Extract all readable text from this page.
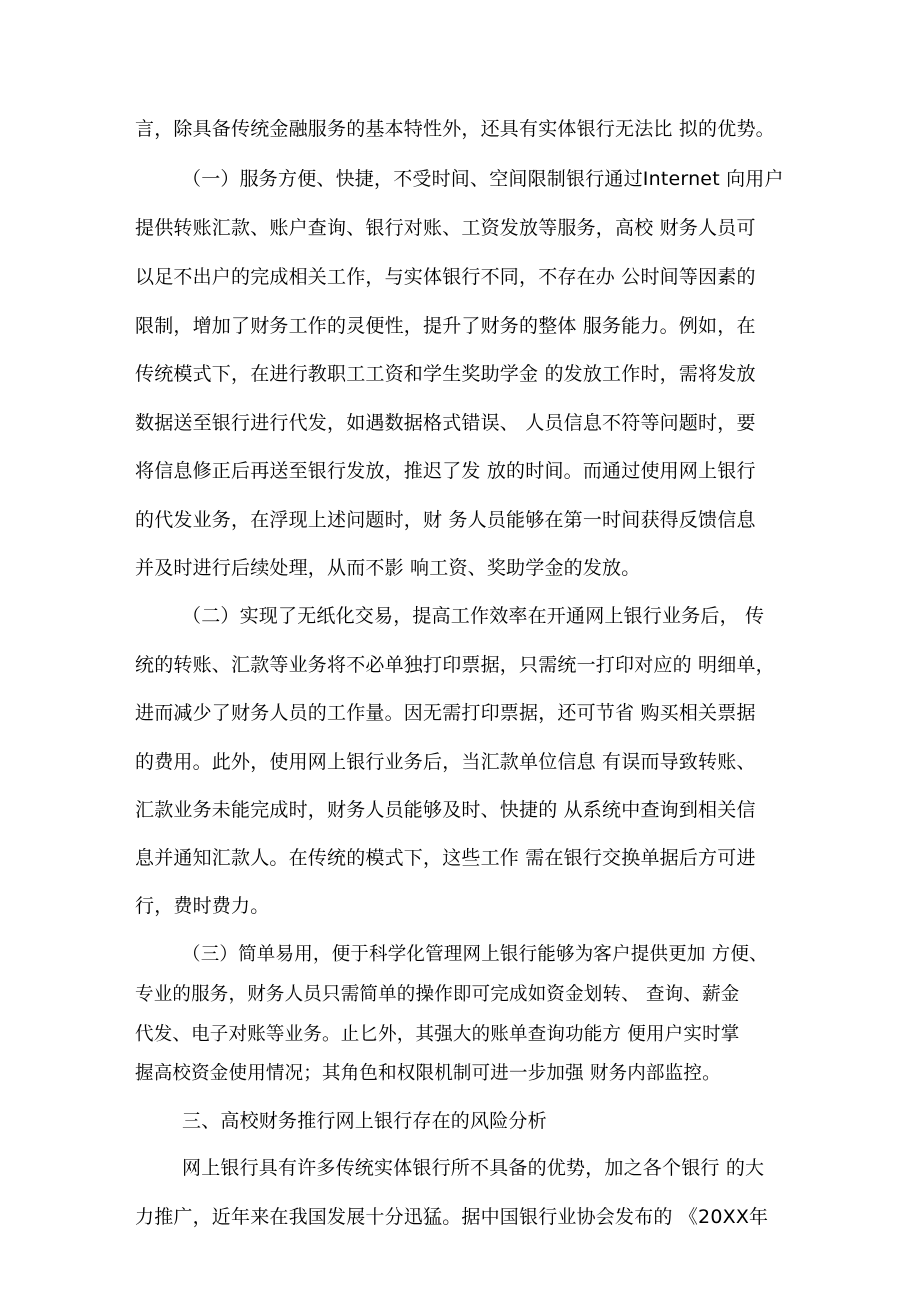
言，除具备传统金融服务的基本特性外，还具有实体银行无法比 拟的优势。
（一）服务方便、快捷，不受时间、空间限制银行通过Internet 向用户
提供转账汇款、账户查询、银行对账、工资发放等服务，高校 财务人员可
以足不出户的完成相关工作，与实体银行不同，不存在办 公时间等因素的
限制，增加了财务工作的灵便性，提升了财务的整体 服务能力。例如，在
传统模式下，在进行教职工工资和学生奖助学金 的发放工作时，需将发放
数据送至银行进行代发，如遇数据格式错误、 人员信息不符等问题时，要
将信息修正后再送至银行发放，推迟了发 放的时间。而通过使用网上银行
的代发业务，在浮现上述问题时，财 务人员能够在第一时间获得反馈信息
并及时进行后续处理，从而不影 响工资、奖助学金的发放。
（二）实现了无纸化交易，提高工作效率在开通网上银行业务后， 传
统的转账、汇款等业务将不必单独打印票据，只需统一打印对应的 明细单，
进而减少了财务人员的工作量。因无需打印票据，还可节省 购买相关票据
的费用。此外，使用网上银行业务后，当汇款单位信息 有误而导致转账、
汇款业务未能完成时，财务人员能够及时、快捷的 从系统中查询到相关信
息并通知汇款人。在传统的模式下，这些工作 需在银行交换单据后方可进
行，费时费力。
（三）简单易用，便于科学化管理网上银行能够为客户提供更加 方便、
专业的服务，财务人员只需简单的操作即可完成如资金划转、 查询、薪金
代发、电子对账等业务。止匕外，其强大的账单查询功能方 便用户实时掌
握高校资金使用情况；其角色和权限机制可进一步加强 财务内部监控。
三、高校财务推行网上银行存在的风险分析
网上银行具有许多传统实体银行所不具备的优势，加之各个银行 的大
力推广，近年来在我国发展十分迅猛。据中国银行业协会发布的 《20XX年
